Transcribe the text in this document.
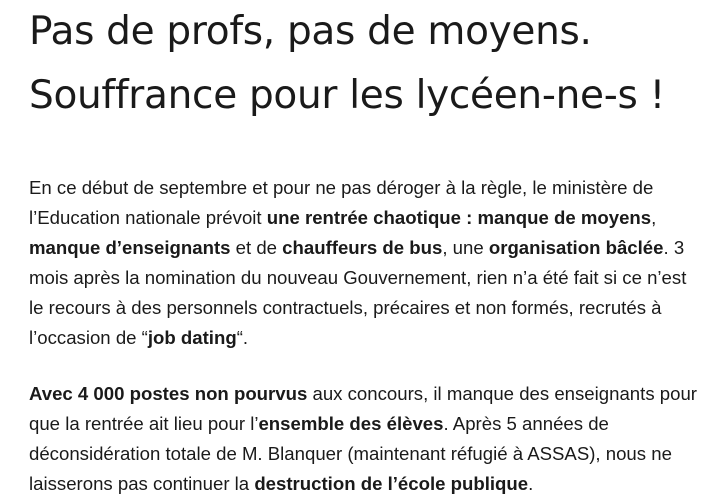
Pas de profs, pas de moyens.
Souffrance pour les lycéen-ne-s !

En ce début de septembre et pour ne pas déroger à la règle, le ministère de l’Education nationale prévoit une rentrée chaotique : manque de moyens, manque d’enseignants et de chauffeurs de bus, une organisation bâclée. 3 mois après la nomination du nouveau Gouvernement, rien n’a été fait si ce n’est le recours à des personnels contractuels, précaires et non formés, recrutés à l’occasion de “job dating“.

Avec 4 000 postes non pourvus aux concours, il manque des enseignants pour que la rentrée ait lieu pour l’ensemble des élèves. Après 5 années de déconsidération totale de M. Blanquer (maintenant réfugié à ASSAS), nous ne laisserons pas continuer la destruction de l’école publique.
